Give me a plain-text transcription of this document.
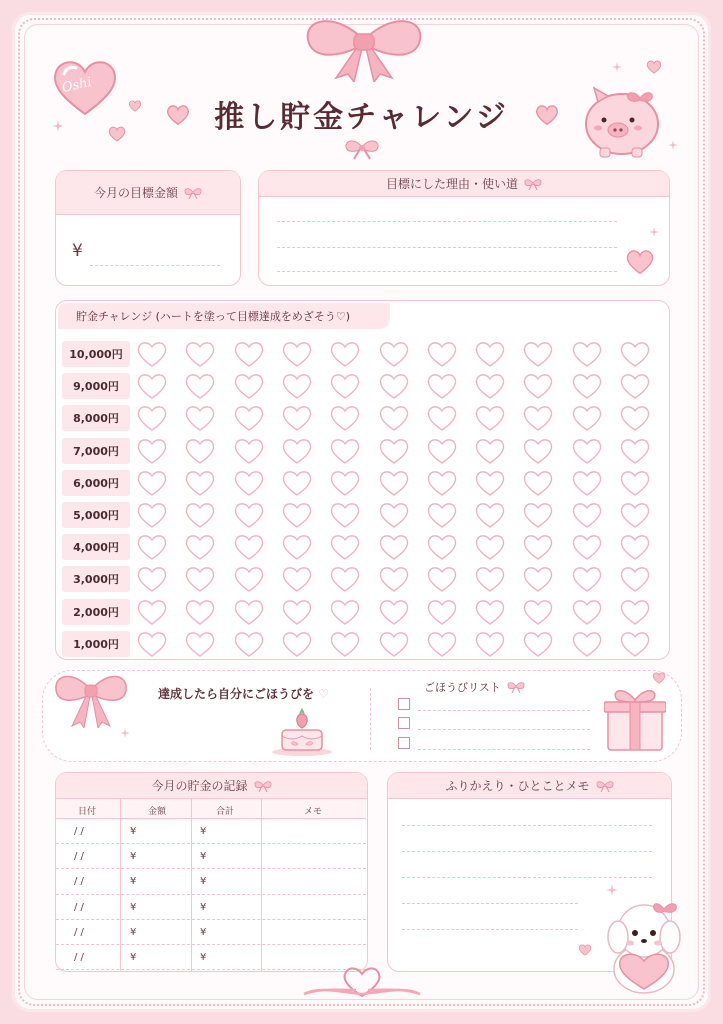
Oshi
推し貯金チャレンジ
今月の目標金額
¥
目標にした理由・使い道
貯金チャレンジ (ハートを塗って目標達成をめざそう♡)
達成したら自分にごほうびを ♡	ごほうびリスト
今月の貯金の記録
日付	金額	合計	メモ
/ /	¥	¥
/ /	¥	¥
/ /	¥	¥
/ /	¥	¥
/ /	¥	¥
/ /	¥	¥
ふりかえり・ひとことメモ
10,000円
9,000円
8,000円
7,000円
6,000円
5,000円
4,000円
3,000円
2,000円
1,000円
